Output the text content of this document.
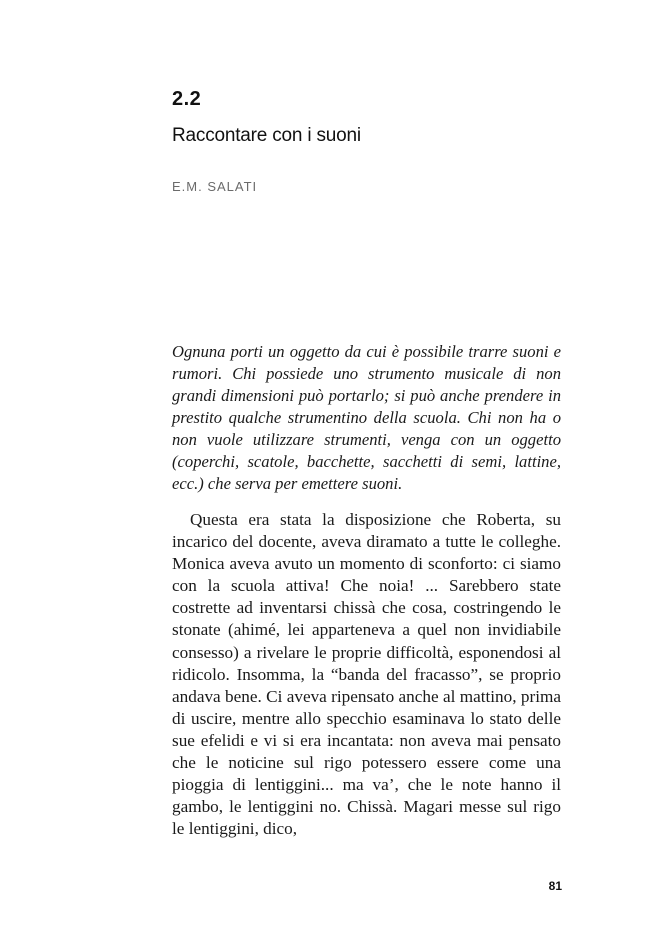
2.2
Raccontare con i suoni
E.M. SALATI

Ognuna porti un oggetto da cui è possibile trarre suoni e rumori. Chi possiede uno strumento musicale di non grandi dimensioni può portarlo; si può anche prendere in prestito qualche strumentino della scuola. Chi non ha o non vuole utilizzare strumenti, venga con un oggetto (coperchi, scatole, bacchette, sacchetti di semi, lattine, ecc.) che serva per emettere suoni.

Questa era stata la disposizione che Roberta, su incarico del docente, aveva diramato a tutte le colleghe. Monica aveva avuto un momento di sconforto: ci siamo con la scuola attiva! Che noia! ... Sarebbero state costrette ad inventarsi chissà che cosa, costringendo le stonate (ahimé, lei apparteneva a quel non invidiabile consesso) a rivelare le proprie difficoltà, esponendosi al ridicolo. Insomma, la “banda del fracasso”, se proprio andava bene. Ci aveva ripensato anche al mattino, prima di uscire, mentre allo specchio esaminava lo stato delle sue efelidi e vi si era incantata: non aveva mai pensato che le noticine sul rigo potessero essere come una pioggia di lentiggini... ma va’, che le note hanno il gambo, le lentiggini no. Chissà. Magari messe sul rigo le lentiggini, dico,

81
